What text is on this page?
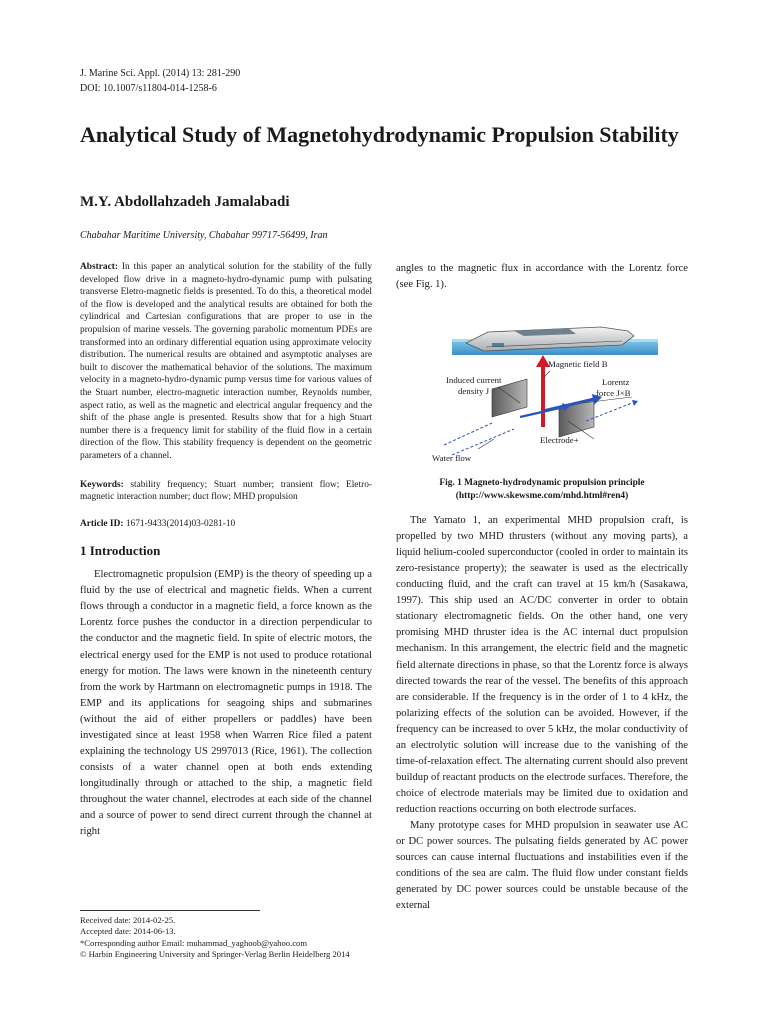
J. Marine Sci. Appl. (2014) 13: 281-290
DOI: 10.1007/s11804-014-1258-6
Analytical Study of Magnetohydrodynamic Propulsion Stability
M.Y. Abdollahzadeh Jamalabadi
Chabahar Maritime University, Chabahar 99717-56499, Iran

Abstract: In this paper an analytical solution for the stability of the fully developed flow drive in a magneto-hydro-dynamic pump with pulsating transverse Eletro-magnetic fields is presented. To do this, a theoretical model of the flow is developed and the analytical results are obtained for both the cylindrical and Cartesian configurations that are proper to use in the propulsion of marine vessels. The governing parabolic momentum PDEs are transformed into an ordinary differential equation using approximate velocity distribution. The numerical results are obtained and asymptotic analyses are built to discover the mathematical behavior of the solutions. The maximum velocity in a magneto-hydro-dynamic pump versus time for various values of the Stuart number, electro-magnetic interaction number, Reynolds number, aspect ratio, as well as the magnetic and electrical angular frequency and the shift of the phase angle is presented. Results show that for a high Stuart number there is a frequency limit for stability of the fluid flow in a certain direction of the flow. This stability frequency is dependent on the geometric parameters of a channel.

Keywords: stability frequency; Stuart number; transient flow; Eletro-magnetic interaction number; duct flow; MHD propulsion

Article ID: 1671-9433(2014)03-0281-10

1 Introduction

Electromagnetic propulsion (EMP) is the theory of speeding up a fluid by the use of electrical and magnetic fields. When a current flows through a conductor in a magnetic field, a force known as the Lorentz force pushes the conductor in a direction perpendicular to the conductor and the magnetic field. In spite of electric motors, the electrical energy used for the EMP is not used to produce rotational energy for motion. The laws were known in the nineteenth century from the work by Hartmann on electromagnetic pumps in 1918. The EMP and its applications for seagoing ships and submarines (without the aid of either propellers or paddles) have been investigated since at least 1958 when Warren Rice filed a patent explaining the technology US 2997013 (Rice, 1961). The collection consists of a water channel open at both ends extending longitudinally through or attached to the ship, a magnetic field throughout the water channel, electrodes at each side of the channel and a source of power to send direct current through the channel at right

angles to the magnetic flux in accordance with the Lorentz force (see Fig. 1).

Magnetic field B
Lorentz
force J×B
Induced current
density J
Electrode+
Water flow
Fig. 1 Magneto-hydrodynamic propulsion principle
(http://www.skewsme.com/mhd.html#ren4)

The Yamato 1, an experimental MHD propulsion craft, is propelled by two MHD thrusters (without any moving parts), a liquid helium-cooled superconductor (cooled in order to maintain its zero-resistance property); the seawater is used as the electrically conducting fluid, and the craft can travel at 15 km/h (Sasakawa, 1997). This ship used an AC/DC converter in order to obtain stationary electromagnetic fields. On the other hand, one very promising MHD thruster idea is the AC internal duct propulsion mechanism. In this arrangement, the electric field and the magnetic field alternate directions in phase, so that the Lorentz force is always directed towards the rear of the vessel. The benefits of this approach are considerable. If the frequency is in the order of 1 to 4 kHz, the polarizing effects of the solution can be avoided. However, if the frequency can be increased to over 5 kHz, the molar conductivity of an electrolytic solution will increase due to the vanishing of the time-of-relaxation effect. The alternating current should also prevent buildup of reactant products on the electrode surfaces. Therefore, the choice of electrode materials may be limited due to oxidation and reduction reactions occurring on both electrode surfaces.

Many prototype cases for MHD propulsion in seawater use AC or DC power sources. The pulsating fields generated by AC power sources can cause internal fluctuations and instabilities even if the conditions of the sea are calm. The fluid flow under constant fields generated by DC power sources could be unstable because of the external

Received date: 2014-02-25.
Accepted date: 2014-06-13.
*Corresponding author Email: muhammad_yaghoob@yahoo.com
© Harbin Engineering University and Springer-Verlag Berlin Heidelberg 2014
